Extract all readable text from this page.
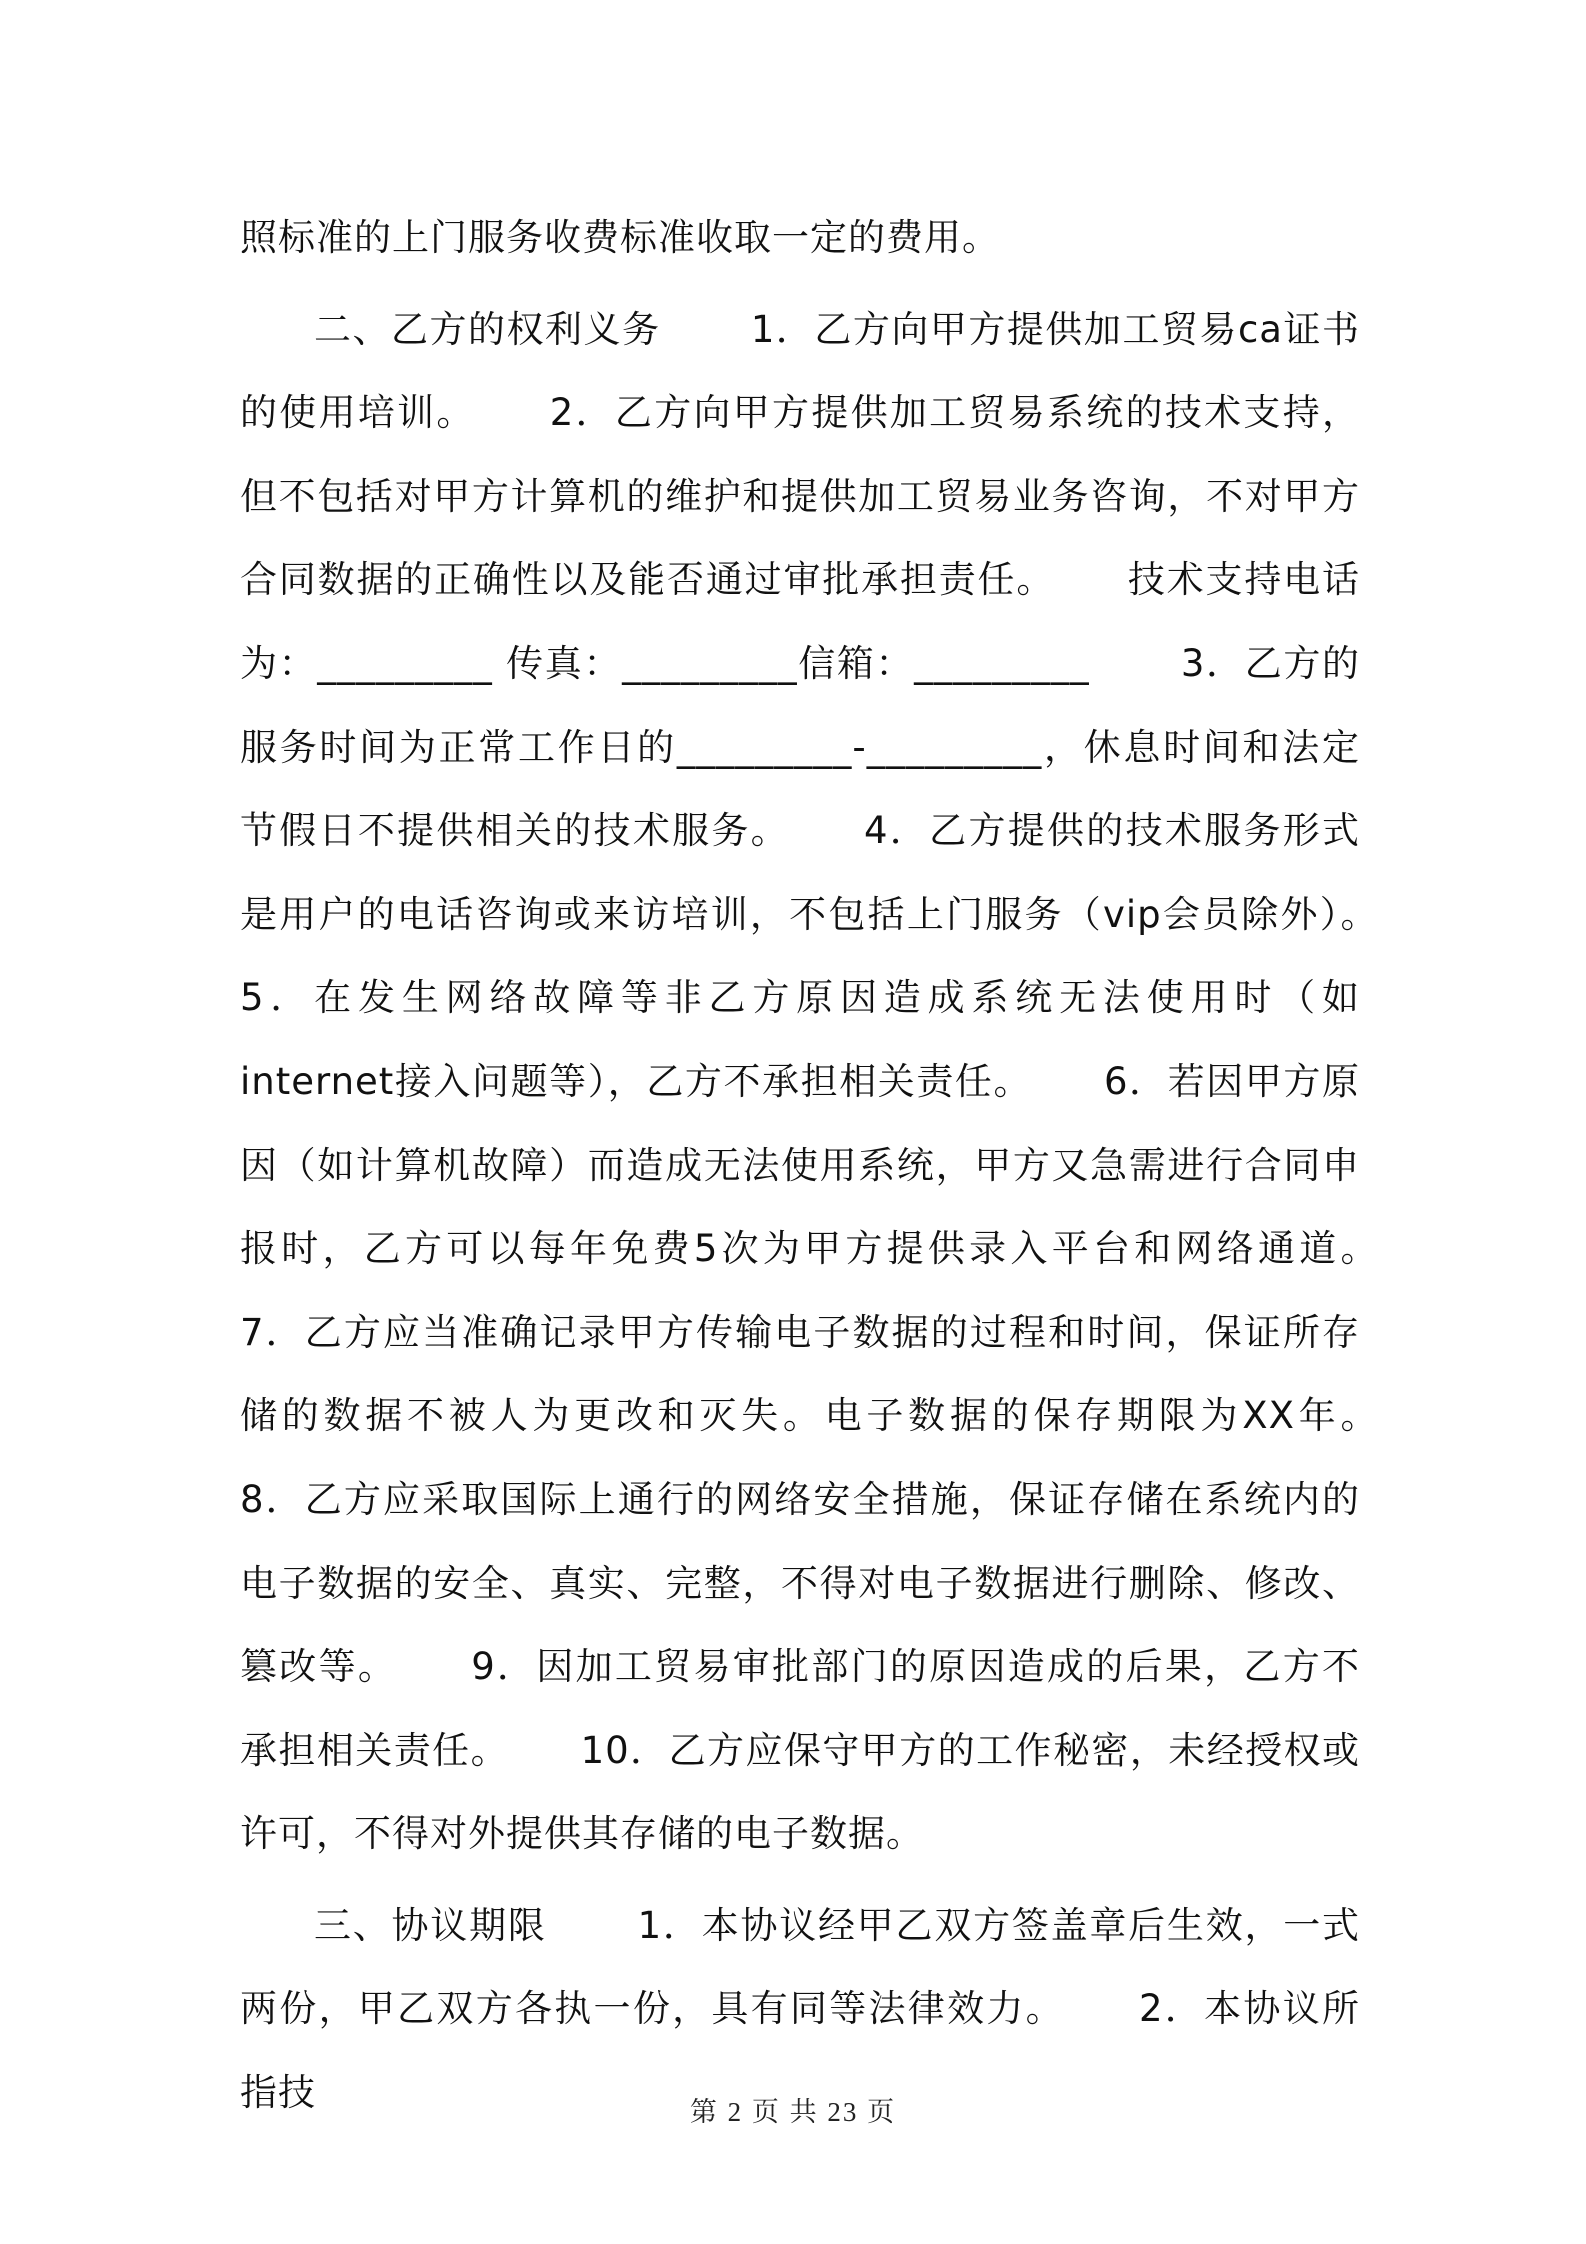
照标准的上门服务收费标准收取一定的费用。

二、乙方的权利义务　　 1．乙方向甲方提供加工贸易ca证书的使用培训。　　 2．乙方向甲方提供加工贸易系统的技术支持，但不包括对甲方计算机的维护和提供加工贸易业务咨询，不对甲方合同数据的正确性以及能否通过审批承担责任。　　 技术支持电话为：_________ 传真：_________信箱：_________　　 3．乙方的服务时间为正常工作日的_________-_________，休息时间和法定节假日不提供相关的技术服务。　　 4．乙方提供的技术服务形式是用户的电话咨询或来访培训，不包括上门服务（vip会员除外）。　　 5．在发生网络故障等非乙方原因造成系统无法使用时（如internet接入问题等），乙方不承担相关责任。　　 6．若因甲方原因（如计算机故障）而造成无法使用系统，甲方又急需进行合同申报时，乙方可以每年免费5次为甲方提供录入平台和网络通道。　　 7．乙方应当准确记录甲方传输电子数据的过程和时间，保证所存储的数据不被人为更改和灭失。电子数据的保存期限为XX年。　　 8．乙方应采取国际上通行的网络安全措施，保证存储在系统内的电子数据的安全、真实、完整，不得对电子数据进行删除、修改、篡改等。　　 9．因加工贸易审批部门的原因造成的后果，乙方不承担相关责任。　　 10．乙方应保守甲方的工作秘密，未经授权或许可，不得对外提供其存储的电子数据。

三、协议期限　　 1．本协议经甲乙双方签盖章后生效，一式两份，甲乙双方各执一份，具有同等法律效力。　　 2．本协议所指技	第 2 页 共 23 页
